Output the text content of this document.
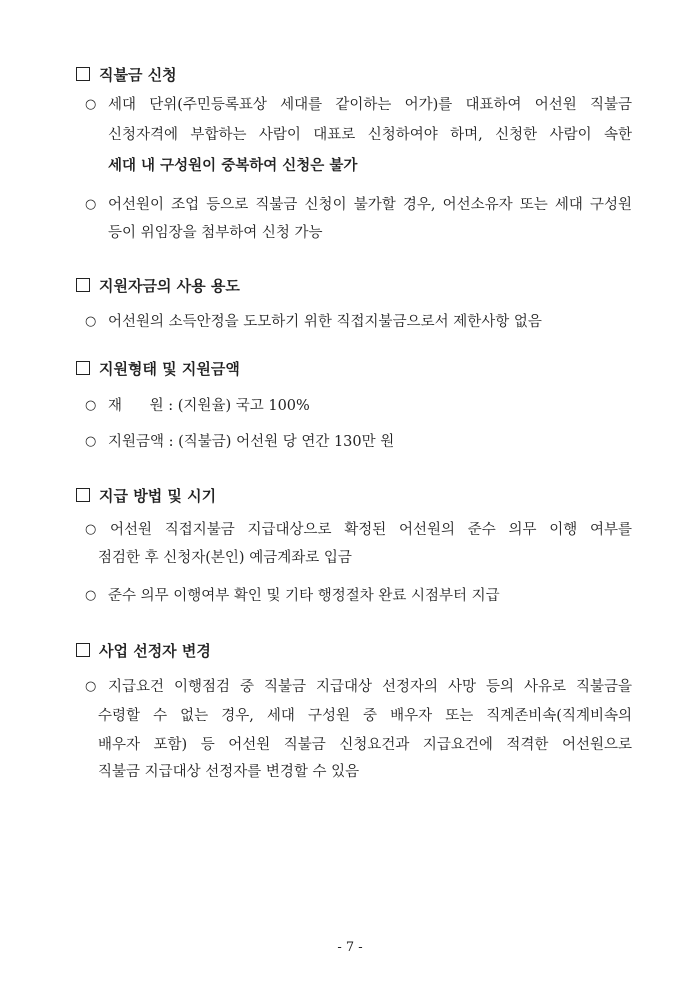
직불금 신청
○ 세대 단위(주민등록표상 세대를 같이하는 어가)를 대표하여 어선원 직불금
신청자격에 부합하는 사람이 대표로 신청하여야 하며, 신청한 사람이 속한
세대 내 구성원이 중복하여 신청은 불가
○ 어선원이 조업 등으로 직불금 신청이 불가할 경우, 어선소유자 또는 세대 구성원
등이 위임장을 첨부하여 신청 가능
지원자금의 사용 용도
○ 어선원의 소득안정을 도모하기 위한 직접지불금으로서 제한사항 없음
지원형태 및 지원금액
○ 재      원 : (지원율) 국고 100%
○ 지원금액 : (직불금) 어선원 당 연간 130만 원
지급 방법 및 시기
○ 어선원 직접지불금 지급대상으로 확정된 어선원의 준수 의무 이행 여부를
점검한 후 신청자(본인) 예금계좌로 입금
○ 준수 의무 이행여부 확인 및 기타 행정절차 완료 시점부터 지급
사업 선정자 변경
○ 지급요건 이행점검 중 직불금 지급대상 선정자의 사망 등의 사유로 직불금을
수령할 수 없는 경우, 세대 구성원 중 배우자 또는 직계존비속(직계비속의
배우자 포함) 등 어선원 직불금 신청요건과 지급요건에 적격한 어선원으로
직불금 지급대상 선정자를 변경할 수 있음
- 7 -
